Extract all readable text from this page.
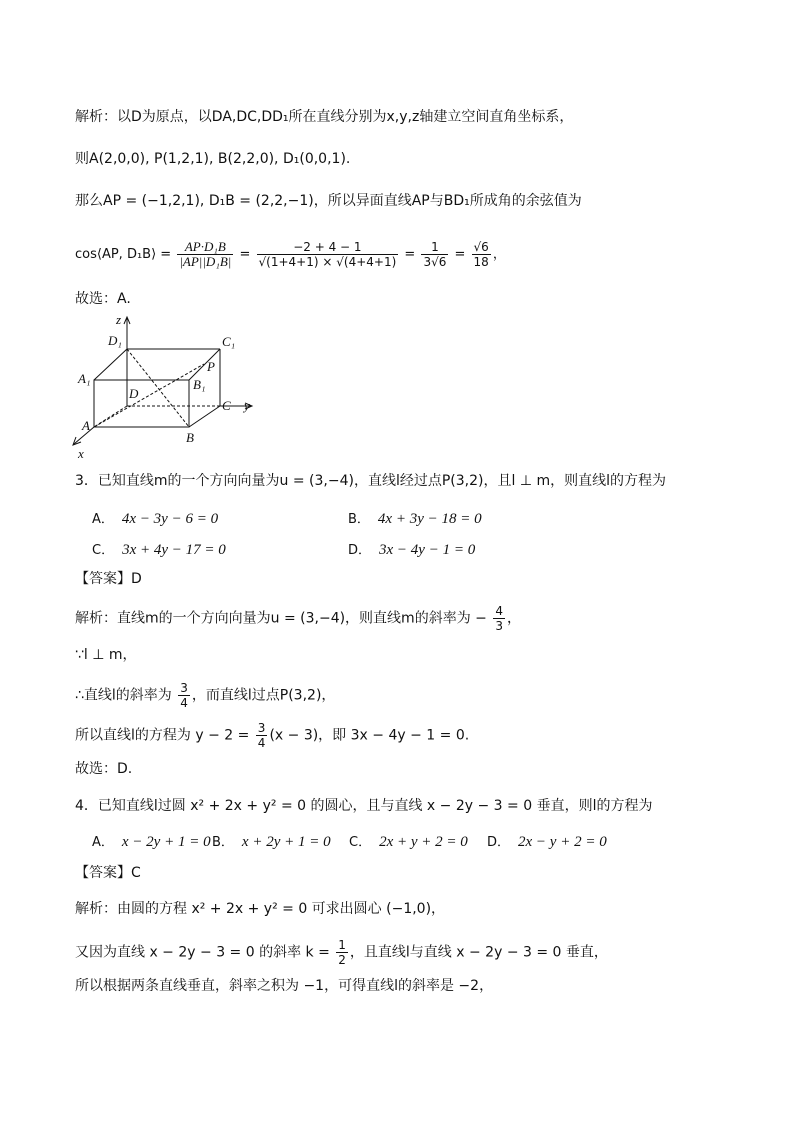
解析：以D为原点，以DA,DC,DD₁所在直线分别为x,y,z轴建立空间直角坐标系，
则A(2,0,0), P(1,2,1), B(2,2,0), D₁(0,0,1).
那么AP = (−1,2,1), D₁B = (2,2,−1)，所以异面直线AP与BD₁所成角的余弦值为
cos⟨AP, D₁B⟩ = $\frac{\text{AP·D₁B}}{\text{|AP||D₁B|}} = \frac{-2 + 4 - 1}{√(1+4+1) \times √(4+4+1)} = \frac{1}{3√6} = \frac{√6}{18}$ ，
故选：A.
z
y
x
D₁	C₁
A₁	B₁
P
D
C
A
B
3．已知直线m的一个方向向量为u = (3,−4)，直线l经过点P(3,2)，且l ⊥ m，则直线l的方程为
A． 4x − 3y − 6 = 0	B． 4x + 3y − 18 = 0
C． 3x + 4y − 17 = 0	D． 3x − 4y − 1 = 0
【答案】D
解析：直线m的一个方向向量为u = (3,−4)，则直线m的斜率为 − $\frac{4}{3}$ ，
∵l ⊥ m，
∴直线l的斜率为 $\frac{3}{4}$ ，而直线l过点P(3,2)，
所以直线l的方程为 $y - 2 = \frac{3}{4} (x - 3)$，即 3x − 4y − 1 = 0.
故选：D.
4．已知直线l过圆 x² + 2x + y² = 0 的圆心，且与直线 x − 2y − 3 = 0 垂直，则l的方程为
A． x − 2y + 1 = 0 B． x + 2y + 1 = 0 C． 2x + y + 2 = 0 D． 2x − y + 2 = 0
【答案】C
解析：由圆的方程 x² + 2x + y² = 0 可求出圆心 (−1,0)，
又因为直线 x − 2y − 3 = 0 的斜率 $k = \frac{1}{2}$ ，且直线l与直线 x − 2y − 3 = 0 垂直，
所以根据两条直线垂直，斜率之积为 −1，可得直线l的斜率是 −2，
